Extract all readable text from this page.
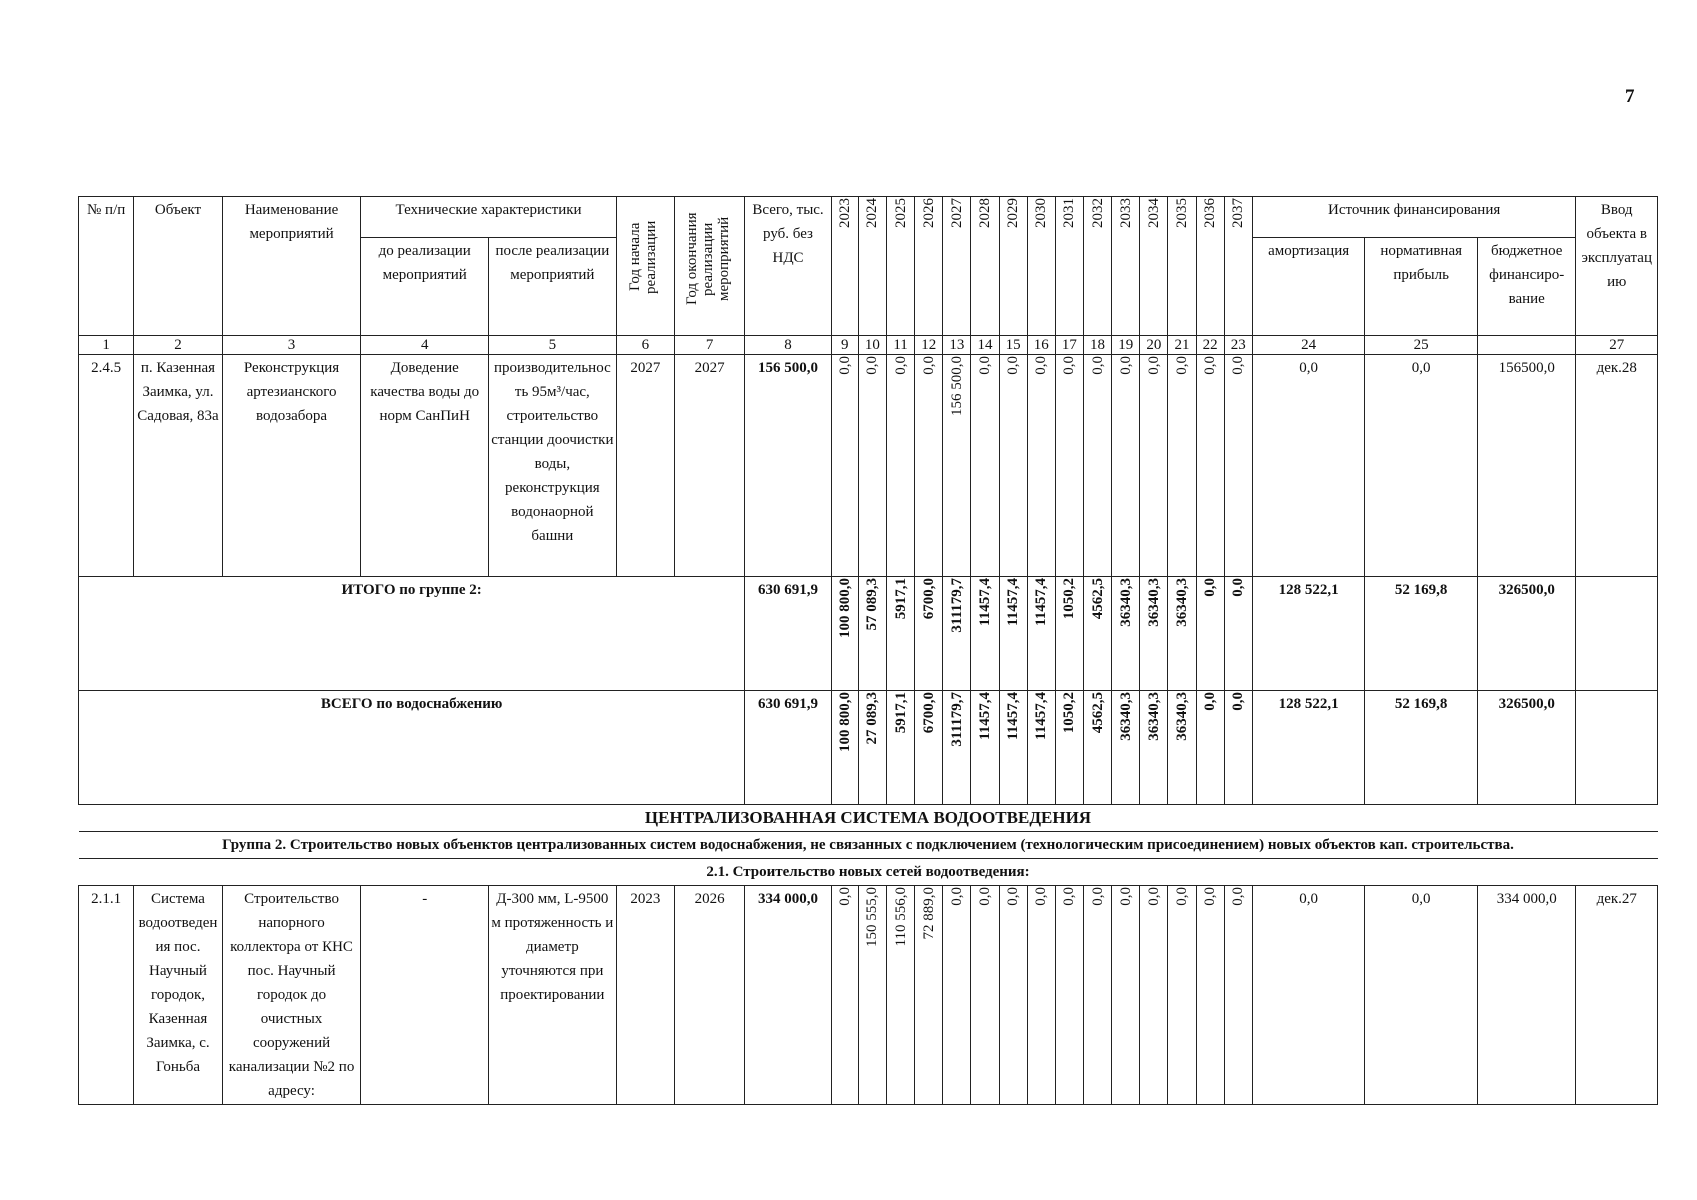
7
№ п/п	Объект	Наименование мероприятий	Технические характеристики		Год начала реализации	Год окончания реализации мероприятий	Всего, тыс. руб. без НДС	2023	2024	2025	2026	2027	2028	2029	2030	2031	2032	2033	2034	2035	2036	2037	Источник финансирования			Ввод объекта в эксплуатацию
			до реализации мероприятий	после реализации мероприятий																			амортизация	нормативная прибыль	бюджетное финансиро-вание	
1	2	3	4	5	6	7	8	9	10	11	12	13	14	15	16	17	18	19	20	21	22	23	24	25		27
2.4.5	п. Казенная Заимка, ул. Садовая, 83а	Реконструкция артезианского водозабора	Доведение качества воды до норм СанПиН	производительность 95м³/час, строительство станции доочистки воды, реконструкция водонаорной башни	2027	2027	156 500,0	0,0	0,0	0,0	0,0	156 500,0	0,0	0,0	0,0	0,0	0,0	0,0	0,0	0,0	0,0	0,0	0,0	0,0	156500,0	дек.28
ИТОГО по группе 2:							630 691,9	100 800,0	57 089,3	5917,1	6700,0	311179,7	11457,4	11457,4	11457,4	1050,2	4562,5	36340,3	36340,3	36340,3	0,0	0,0	128 522,1	52 169,8	326500,0	
ВСЕГО по водоснабжению							630 691,9	100 800,0	27 089,3	5917,1	6700,0	311179,7	11457,4	11457,4	11457,4	1050,2	4562,5	36340,3	36340,3	36340,3	0,0	0,0	128 522,1	52 169,8	326500,0	
ЦЕНТРАЛИЗОВАННАЯ СИСТЕМА ВОДООТВЕДЕНИЯ																										
Группа 2. Строительство новых объенктов централизованных систем водоснабжения, не связанных с подключением (технологическим присоединением) новых объектов кап. строительства.																										
2.1. Строительство новых сетей водоотведения:																										
2.1.1	Система водоотведения пос. Научный городок, Казенная Заимка, с. Гоньба	Строительство напорного коллектора от КНС пос. Научный городок до очистных сооружений канализации №2 по адресу:	-	Д-300 мм, L-9500 м протяженность и диаметр уточняются при проектировании	2023	2026	334 000,0	0,0	150 555,0	110 556,0	72 889,0	0,0	0,0	0,0	0,0	0,0	0,0	0,0	0,0	0,0	0,0	0,0	0,0	0,0	334 000,0	дек.27
